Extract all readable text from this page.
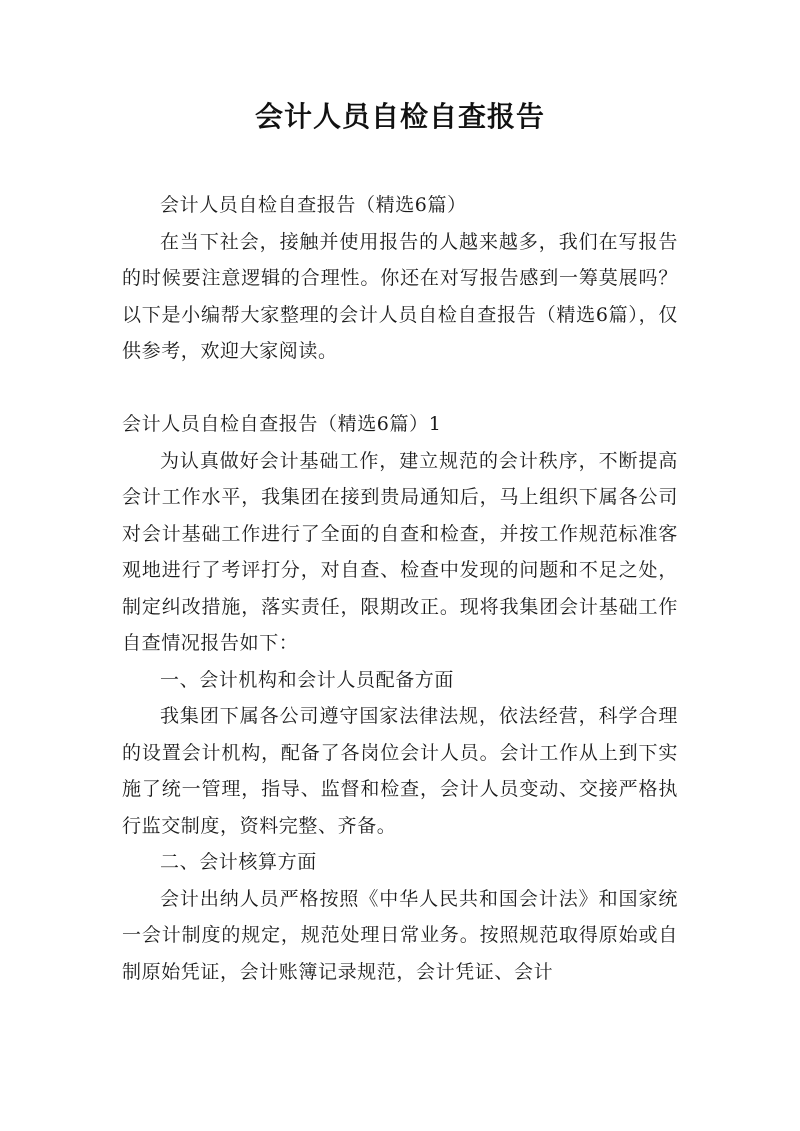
会计人员自检自查报告

会计人员自检自查报告（精选6篇）

在当下社会，接触并使用报告的人越来越多，我们在写报告的时候要注意逻辑的合理性。你还在对写报告感到一筹莫展吗？以下是小编帮大家整理的会计人员自检自查报告（精选6篇），仅供参考，欢迎大家阅读。

会计人员自检自查报告（精选6篇）1

为认真做好会计基础工作，建立规范的会计秩序，不断提高会计工作水平，我集团在接到贵局通知后，马上组织下属各公司对会计基础工作进行了全面的自查和检查，并按工作规范标准客观地进行了考评打分，对自查、检查中发现的问题和不足之处，制定纠改措施，落实责任，限期改正。现将我集团会计基础工作自查情况报告如下：

一、会计机构和会计人员配备方面

我集团下属各公司遵守国家法律法规，依法经营，科学合理的设置会计机构，配备了各岗位会计人员。会计工作从上到下实施了统一管理，指导、监督和检查，会计人员变动、交接严格执行监交制度，资料完整、齐备。

二、会计核算方面

会计出纳人员严格按照《中华人民共和国会计法》和国家统一会计制度的规定，规范处理日常业务。按照规范取得原始或自制原始凭证，会计账簿记录规范，会计凭证、会计
